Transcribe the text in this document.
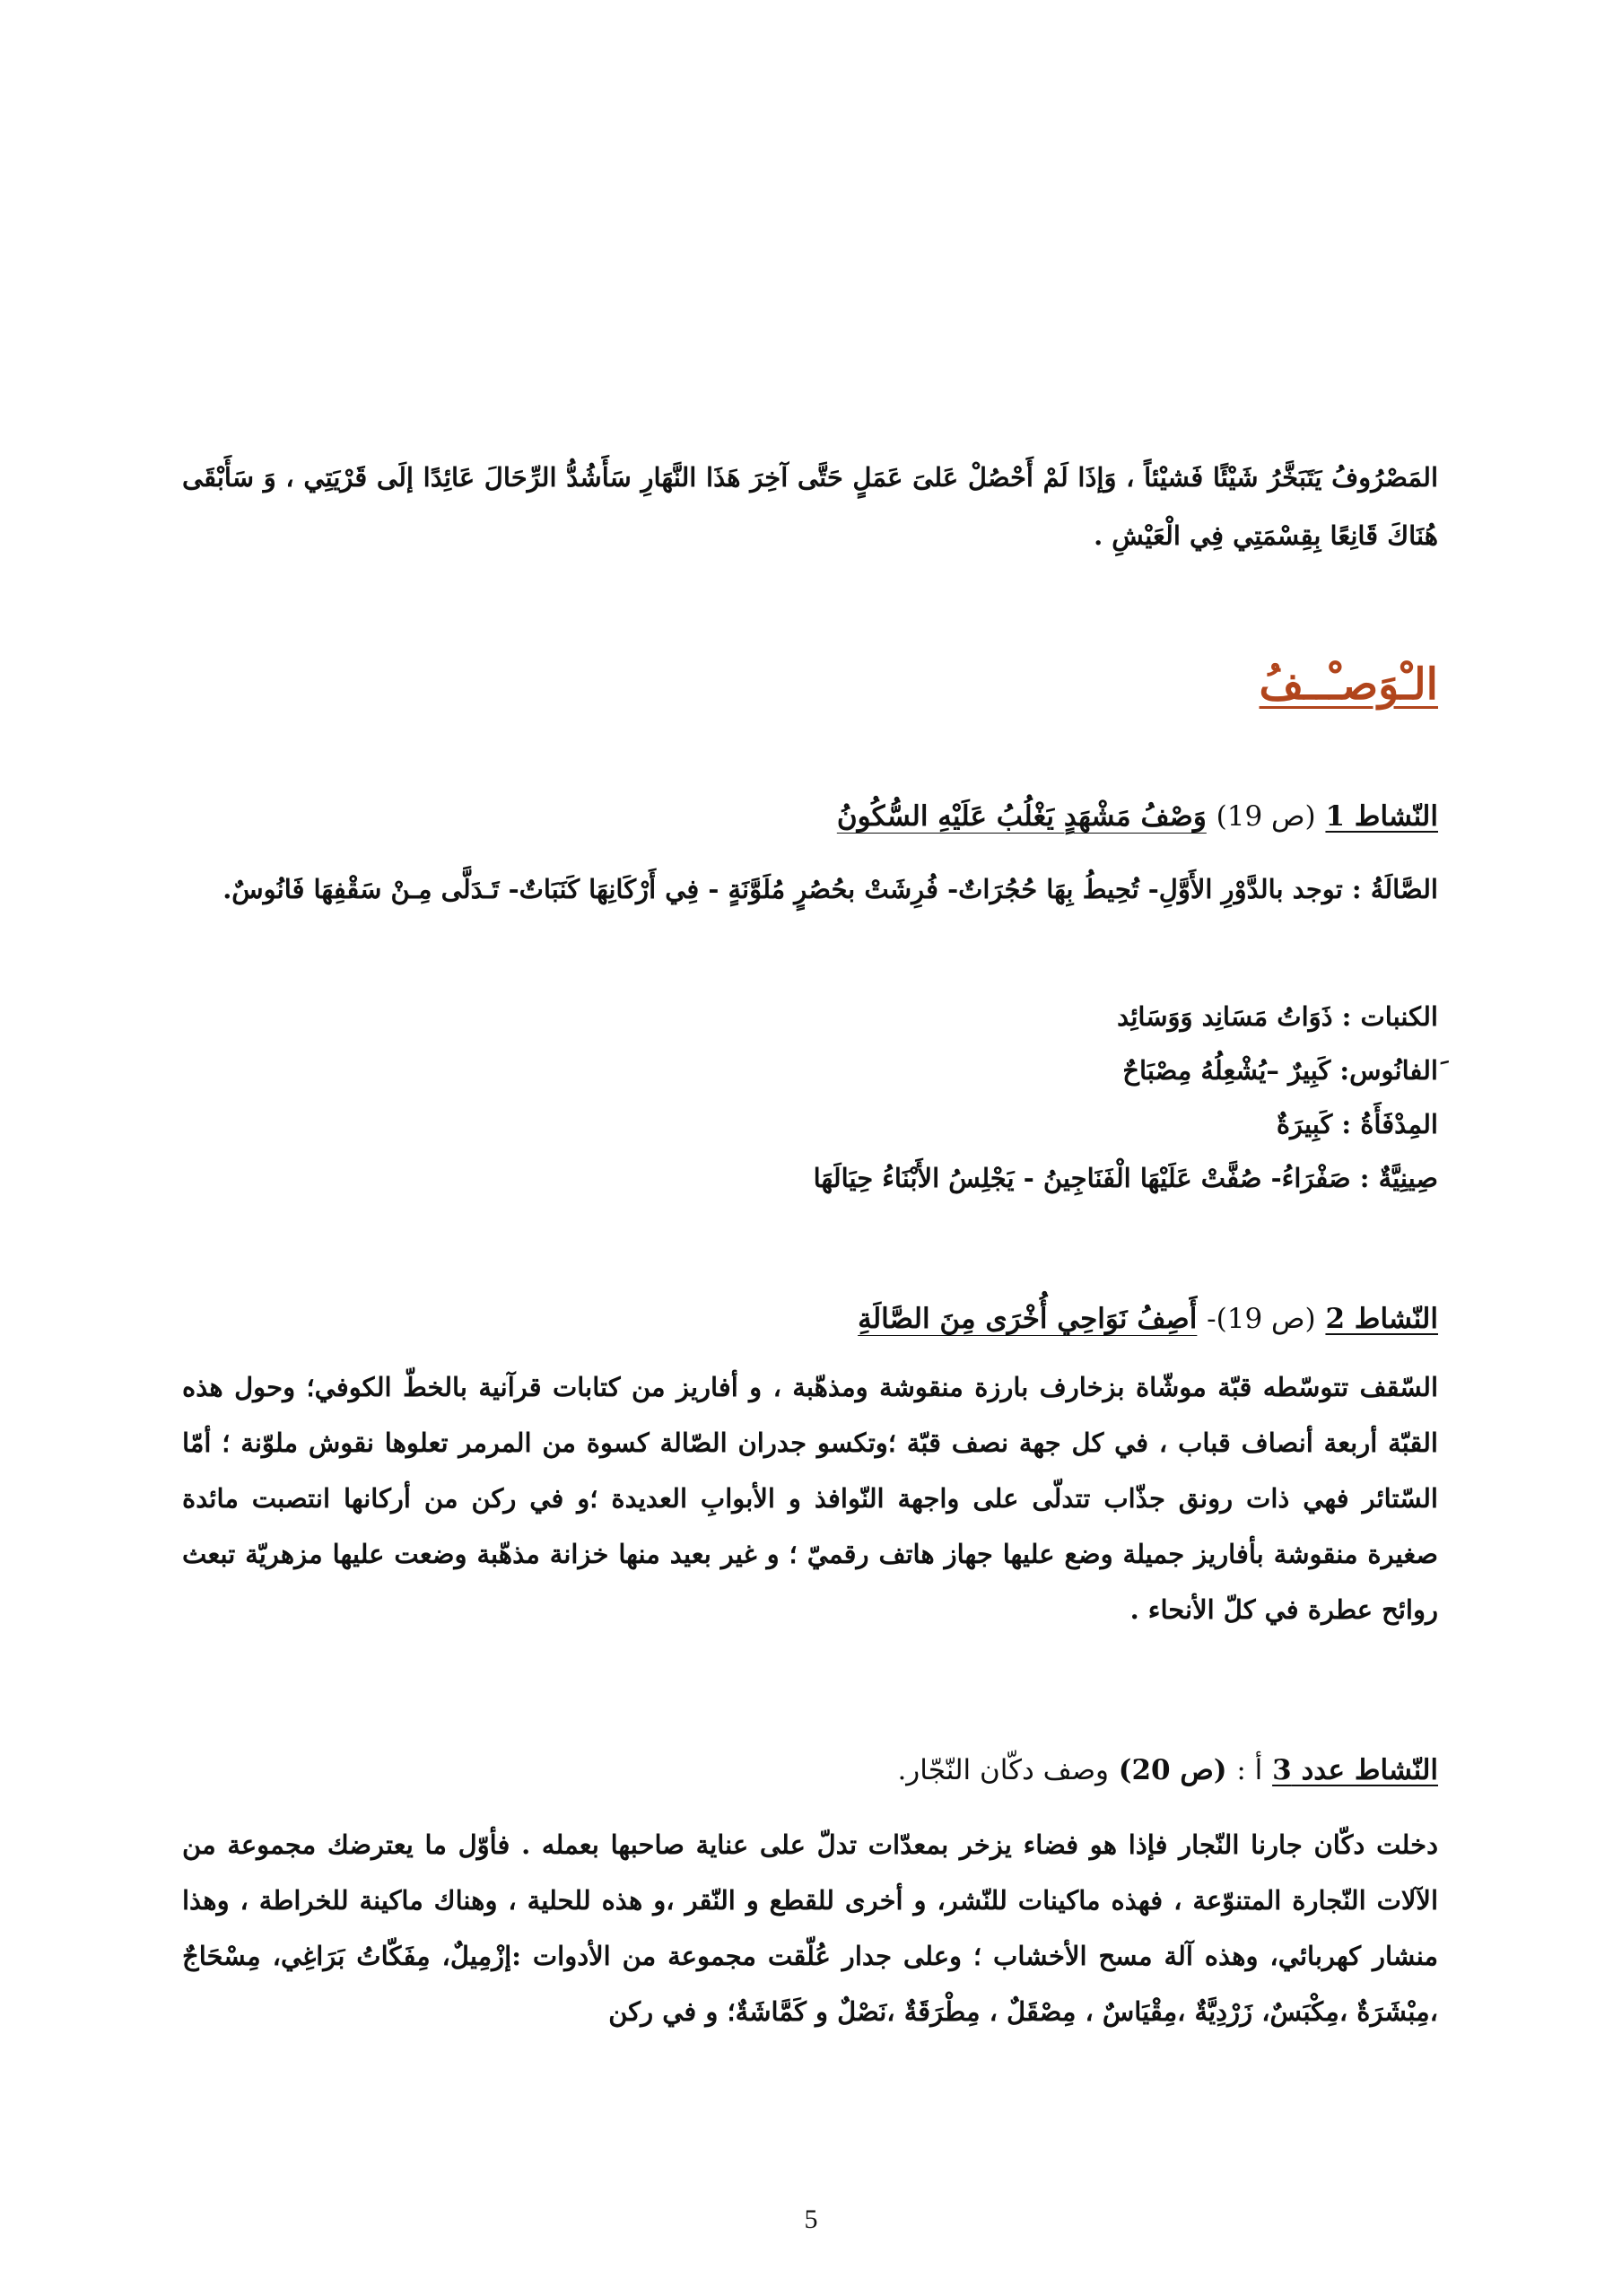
المَصْرُوفُ يَتَبَخَّرُ شَيْئًا فَشيْئاً ، وَإذَا لَمْ أَحْصُلْ عَلىَ عَمَلٍ حَتَّى آخِرَ هَذَا النَّهَارِ سَأَشُدُّ الرِّحَالَ عَائِدًا إلَى قَرْيَتِي ، وَ سَأَبْقَى هُنَاكَ قَانِعًا بِقِسْمَتِي فِي الْعَيْشِ .
الـْوَصـْــفُ
النّشاط 1 (ص 19) وَصْفُ مَشْهَدٍ يَغْلُبُ عَلَيْهِ السُّكُونُ
الصَّالَةُ : توجد بالدَّوْرِ الأَوَّلِ- تُحِيطُ بِهَا حُجُرَاتٌ- فُرِشَتْ بحُصُرٍ مُلَوَّنَةٍ - فِي أَرْكَانِهَا كَنَبَاتٌ- تَـدَلَّى مِـنْ سَقْفِهَا فَانُوسٌ.
الكنبات : ذَوَاتُ مَسَانِد وَوَسَائِد
َالفانُوس: كَبِيرٌ –يُشْعِلُهُ مِصْبَاحٌ
المِدْفَأَةُ : كَبِيرَةٌ
صِينِيَّةٌ : صَفْرَاءُ- صُفَّتْ عَلَيْهَا الْفَنَاجِينُ - يَجْلِسُ الأَبْنَاءُ حِيَالَهَا
النّشاط 2 (ص 19)- أَصِفُ نَوَاحِي أُخْرَى مِنَ الصَّالَةِ
السّقف تتوسّطه قبّة موشّاة بزخارف بارزة منقوشة ومذهّبة ، و أفاريز من كتابات قرآنية بالخطّ الكوفي؛ وحول هذه القبّة أربعة أنصاف قباب ، في كل جهة نصف قبّة ؛وتكسو جدران الصّالة كسوة من المرمر تعلوها نقوش ملوّنة ؛ أمّا السّتائر فهي ذات رونق جذّاب تتدلّى على واجهة النّوافذ و الأبوابِ العديدة ؛و في ركن من أركانها انتصبت مائدة صغيرة منقوشة بأفاريز جميلة وضع عليها جهاز هاتف رقميّ ؛ و غير بعيد منها خزانة مذهّبة وضعت عليها مزهريّة تبعث روائح عطرة في كلّ الأنحاء .
النّشاط عدد 3 أ : (ص 20) وصف دكّان النّجّار.
دخلت دكّان جارنا النّجار فإذا هو فضاء يزخر بمعدّات تدلّ على عناية صاحبها بعمله . فأوّل ما يعترضك مجموعة من الآلات النّجارة المتنوّعة ، فهذه ماكينات للنّشر، و أخرى للقطع و النّقر ،و هذه للحلية ، وهناك ماكينة للخراطة ، وهذا منشار كهربائي، وهذه آلة مسح الأخشاب ؛ وعلى جدار عُلّقت مجموعة من الأدوات :إزْمِيلٌ، مِفَكّاتُ بَرَاغِي، مِسْحَاجٌ ،مِبْشَرَةٌ ،مِكْبَسٌ، زَرْدِيَّةٌ ،مِقْيَاسٌ ، مِصْقَلٌ ، مِطْرَقَةٌ ،نَصْلٌ و كَمَّاشَةٌ؛ و في ركن
5
